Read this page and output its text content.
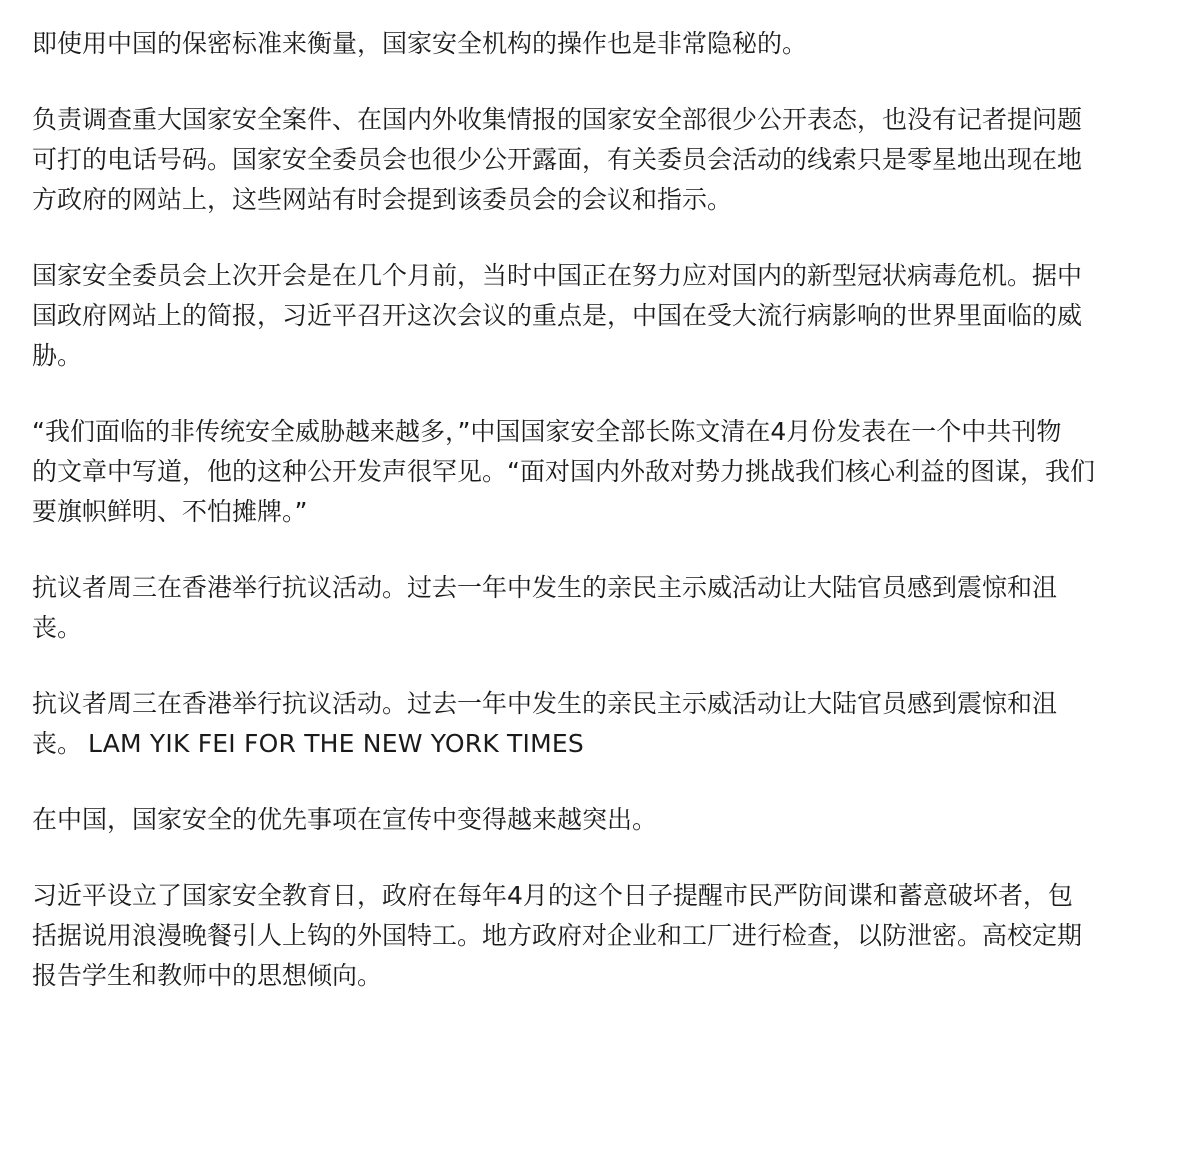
即使用中国的保密标准来衡量，国家安全机构的操作也是非常隐秘的。

负责调查重大国家安全案件、在国内外收集情报的国家安全部很少公开表态，也没有记者提问题
可打的电话号码。国家安全委员会也很少公开露面，有关委员会活动的线索只是零星地出现在地
方政府的网站上，这些网站有时会提到该委员会的会议和指示。

国家安全委员会上次开会是在几个月前，当时中国正在努力应对国内的新型冠状病毒危机。据中
国政府网站上的简报，习近平召开这次会议的重点是，中国在受大流行病影响的世界里面临的威
胁。

“我们面临的非传统安全威胁越来越多，”中国国家安全部长陈文清在4月份发表在一个中共刊物
的文章中写道，他的这种公开发声很罕见。“面对国内外敌对势力挑战我们核心利益的图谋，我们
要旗帜鲜明、不怕摊牌。”

抗议者周三在香港举行抗议活动。过去一年中发生的亲民主示威活动让大陆官员感到震惊和沮
丧。

抗议者周三在香港举行抗议活动。过去一年中发生的亲民主示威活动让大陆官员感到震惊和沮
丧。 LAM YIK FEI FOR THE NEW YORK TIMES

在中国，国家安全的优先事项在宣传中变得越来越突出。

习近平设立了国家安全教育日，政府在每年4月的这个日子提醒市民严防间谍和蓄意破坏者，包
括据说用浪漫晚餐引人上钩的外国特工。地方政府对企业和工厂进行检查，以防泄密。高校定期
报告学生和教师中的思想倾向。
